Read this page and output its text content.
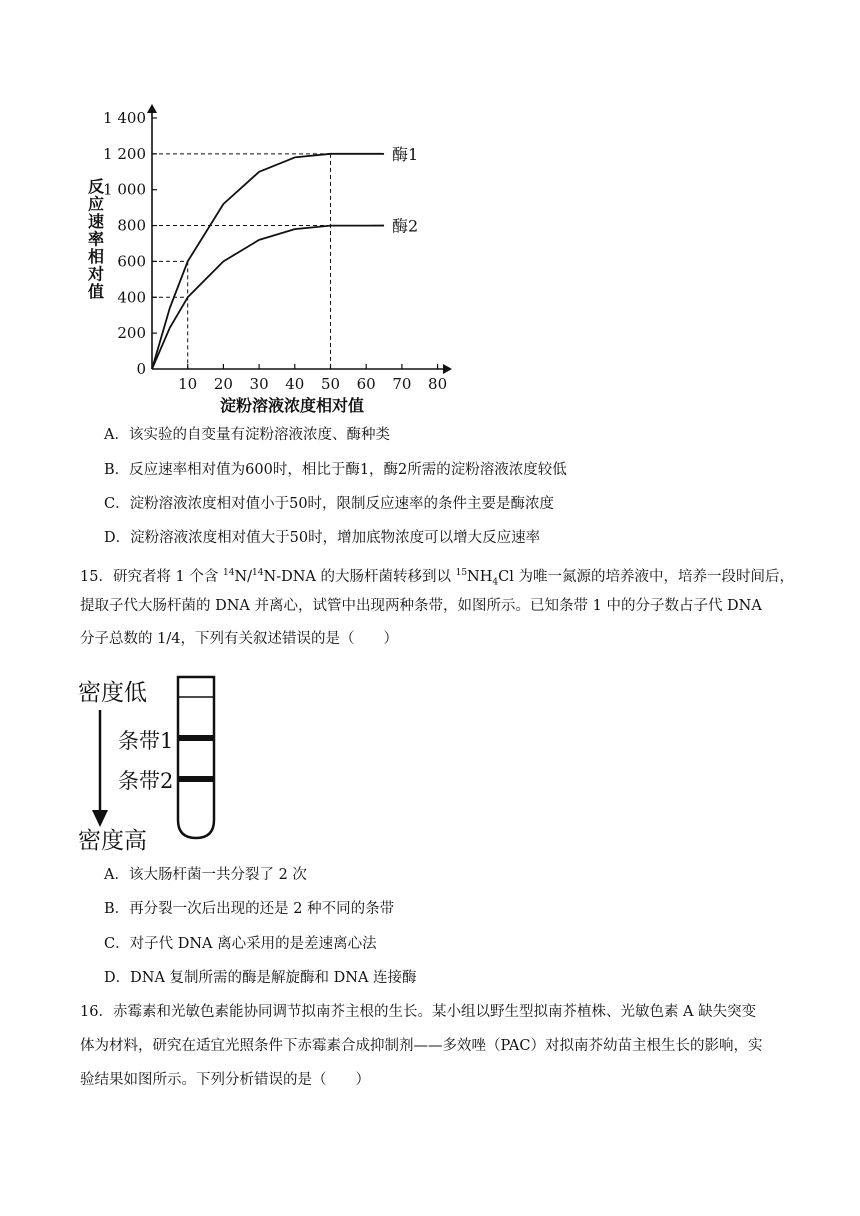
0
200
400
600
800
1 000
1 200
1 400
10 20 30 40 50 60 70 80
酶1
酶2
淀粉溶液浓度相对值
反
应
速
率
相
对
值
A．该实验的自变量有淀粉溶液浓度、酶种类
B．反应速率相对值为600时，相比于酶1，酶2所需的淀粉溶液浓度较低
C．淀粉溶液浓度相对值小于50时，限制反应速率的条件主要是酶浓度
D．淀粉溶液浓度相对值大于50时，增加底物浓度可以增大反应速率
15．研究者将 1 个含 $^{14}$N/$^{14}$N-DNA 的大肠杆菌转移到以 $^{15}NH_4Cl$ 为唯一氮源的培养液中，培养一段时间后，
提取子代大肠杆菌的 DNA 并离心，试管中出现两种条带，如图所示。已知条带 1 中的分子数占子代 DNA
分子总数的 1/4，下列有关叙述错误的是（　　）
密度低
条带1
条带2
密度高
A．该大肠杆菌一共分裂了 2 次
B．再分裂一次后出现的还是 2 种不同的条带
C．对子代 DNA 离心采用的是差速离心法
D．DNA 复制所需的酶是解旋酶和 DNA 连接酶
16．赤霉素和光敏色素能协同调节拟南芥主根的生长。某小组以野生型拟南芥植株、光敏色素 A 缺失突变
体为材料，研究在适宜光照条件下赤霉素合成抑制剂——多效唑（PAC）对拟南芥幼苗主根生长的影响，实
验结果如图所示。下列分析错误的是（　　）
